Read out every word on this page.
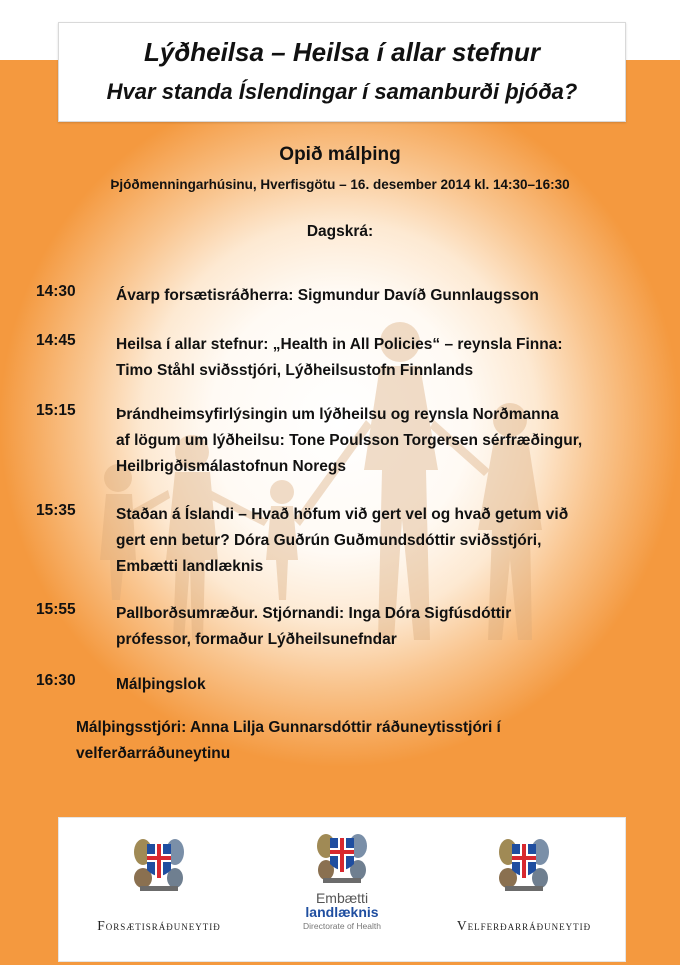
Lýðheilsa – Heilsa í allar stefnur
Hvar standa Íslendingar í samanburði þjóða?
Opið málþing
Þjóðmenningarhúsinu, Hverfisgötu – 16. desember 2014 kl. 14:30–16:30
Dagskrá:
14:30	Ávarp forsætisráðherra: Sigmundur Davíð Gunnlaugsson
14:45	Heilsa í allar stefnur: „Health in All Policies“ – reynsla Finna:
Timo Ståhl sviðsstjóri, Lýðheilsustofn Finnlands
15:15	Þrándheimsyfirlýsingin um lýðheilsu og reynsla Norðmanna
af lögum um lýðheilsu: Tone Poulsson Torgersen sérfræðingur,
Heilbrigðismálastofnun Noregs
15:35	Staðan á Íslandi – Hvað höfum við gert vel og hvað getum við
gert enn betur? Dóra Guðrún Guðmundsdóttir sviðsstjóri,
Embætti landlæknis
15:55	Pallborðsumræður. Stjórnandi: Inga Dóra Sigfúsdóttir
prófessor, formaður Lýðheilsunefndar
16:30	Málþingslok
Málþingsstjóri: Anna Lilja Gunnarsdóttir ráðuneytisstjóri í
velferðarráðuneytinu
Forsætisráðuneytið
Embætti
landlæknis
Directorate of Health	Velferðarráðuneytið
